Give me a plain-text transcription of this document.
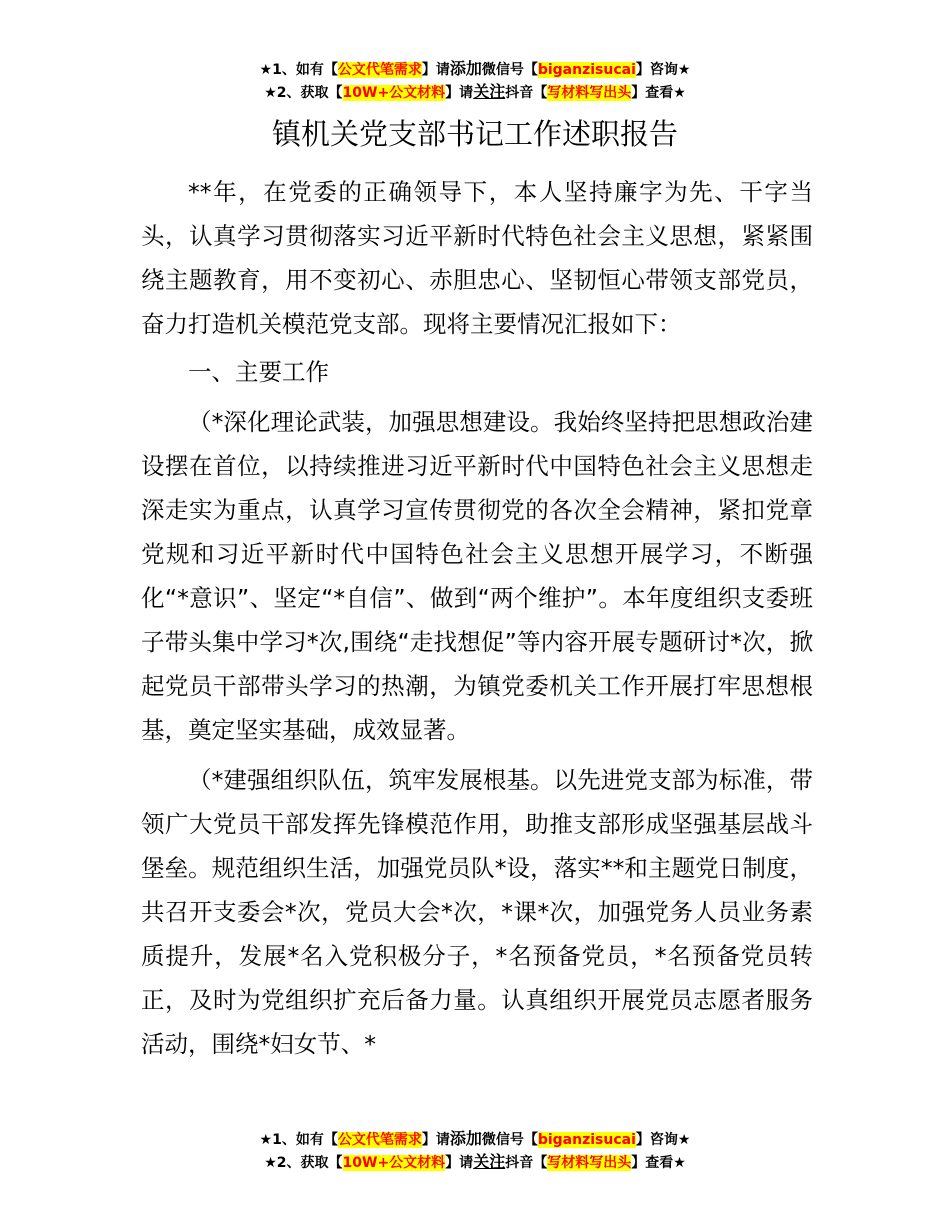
★1、如有【公文代笔需求】请添加微信号【biganzisucai】咨询★
★2、获取【10W+公文材料】请关注抖音【写材料写出头】查看★
镇机关党支部书记工作述职报告

**年，在党委的正确领导下，本人坚持廉字为先、干字当头，认真学习贯彻落实习近平新时代特色社会主义思想，紧紧围绕主题教育，用不变初心、赤胆忠心、坚韧恒心带领支部党员，奋力打造机关模范党支部。现将主要情况汇报如下：

一、主要工作

（*深化理论武装，加强思想建设。我始终坚持把思想政治建设摆在首位，以持续推进习近平新时代中国特色社会主义思想走深走实为重点，认真学习宣传贯彻党的各次全会精神，紧扣党章党规和习近平新时代中国特色社会主义思想开展学习，不断强化“*意识”、坚定“*自信”、做到“两个维护”。本年度组织支委班子带头集中学习*次,围绕“走找想促”等内容开展专题研讨*次，掀起党员干部带头学习的热潮，为镇党委机关工作开展打牢思想根基，奠定坚实基础，成效显著。

（*建强组织队伍，筑牢发展根基。以先进党支部为标准，带领广大党员干部发挥先锋模范作用，助推支部形成坚强基层战斗堡垒。规范组织生活，加强党员队*设，落实**和主题党日制度，共召开支委会*次，党员大会*次，*课*次，加强党务人员业务素质提升，发展*名入党积极分子，*名预备党员，*名预备党员转正，及时为党组织扩充后备力量。认真组织开展党员志愿者服务活动，围绕*妇女节、*

★1、如有【公文代笔需求】请添加微信号【biganzisucai】咨询★
★2、获取【10W+公文材料】请关注抖音【写材料写出头】查看★
